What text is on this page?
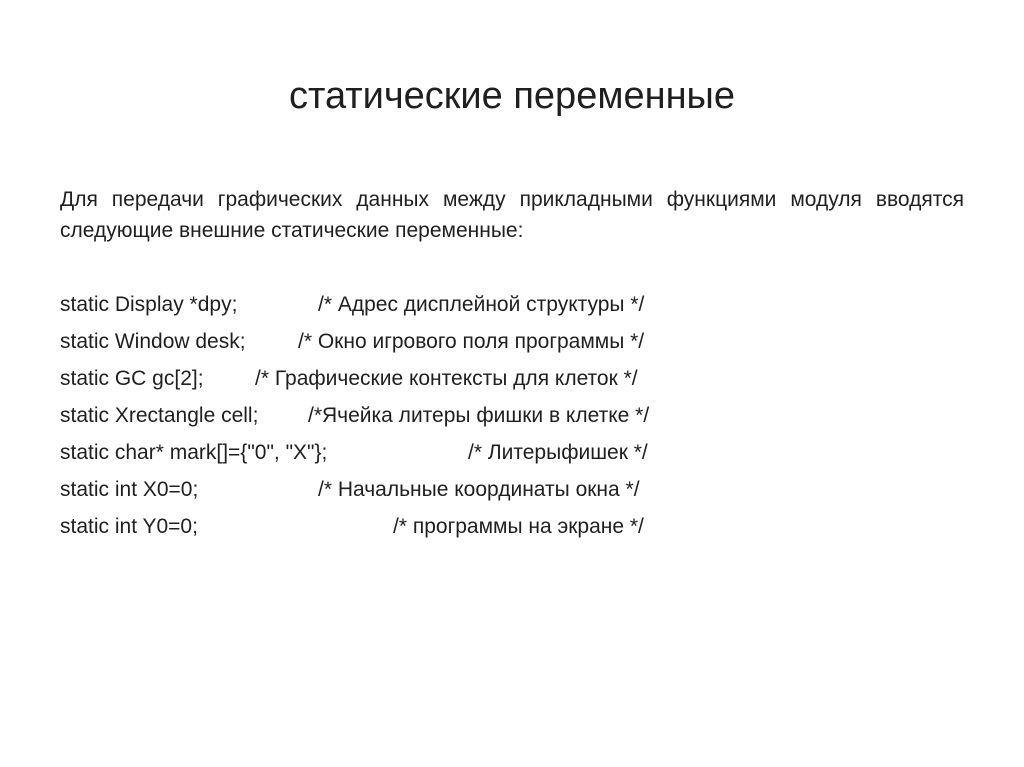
статические переменные

Для передачи графических данных между прикладными функциями модуля вводятся следующие внешние статические переменные:

static Display *dpy;	/* Адрес дисплейной структуры */
static Window desk; /* Окно игрового поля программы */
static GC gc[2]; /* Графические контексты для клеток */
static Xrectangle cell; /*Ячейка литеры фишки в клетке */
static char* mark[]={"0", "X"};	/* Литерыфишек */
static int X0=0;	/* Начальные координаты окна */
static int Y0=0;	/* программы на экране */
